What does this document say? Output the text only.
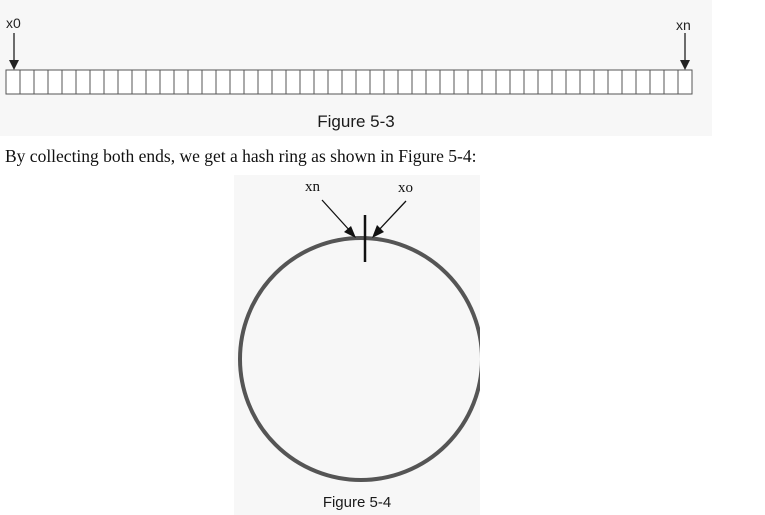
x0	xn
Figure 5-3
By collecting both ends, we get a hash ring as shown in Figure 5-4:
xn	xo
Figure 5-4
